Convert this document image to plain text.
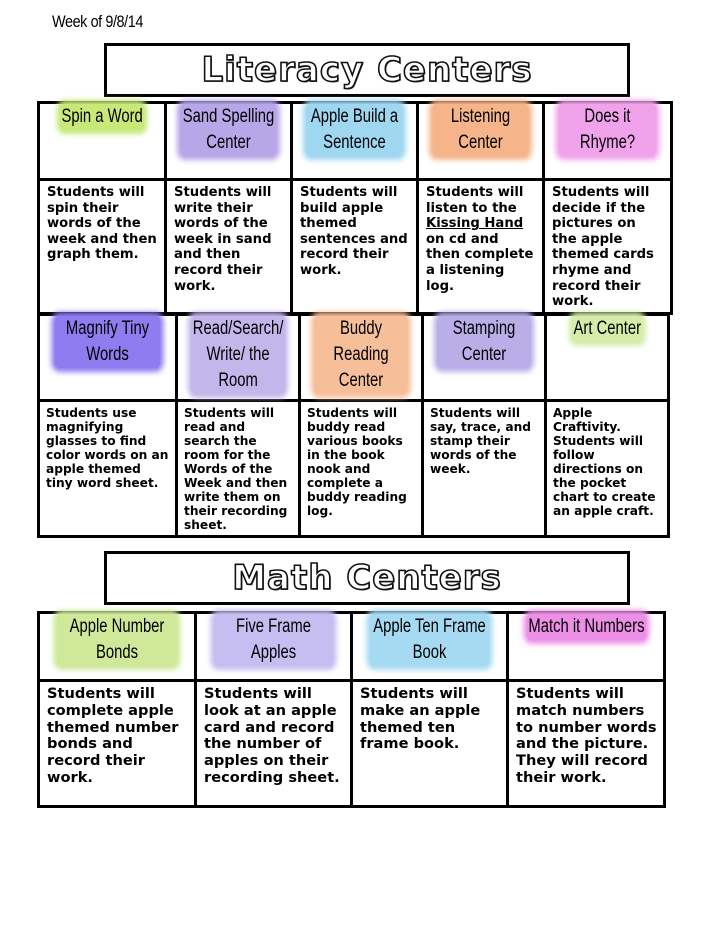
Week of 9/8/14
Literacy Centers
Spin a Word	Sand Spelling Center	Apple Build a Sentence	Listening Center	Does it Rhyme?

Students will spin their words of the week and then graph them.	Students will write their words of the week in sand and then record their work.	Students will build apple themed sentences and record their work.	Students will listen to the Kissing Hand on cd and then complete a listening log.	Students will decide if the pictures on the apple themed cards rhyme and record their work.
Magnify Tiny Words	Read/Search/ Write/ the Room	Buddy Reading Center	Stamping Center	Art Center

Students use magnifying glasses to find color words on an apple themed tiny word sheet.	Students will read and search the room for the Words of the Week and then write them on their recording sheet.	Students will buddy read various books in the book nook and complete a buddy reading log.	Students will say, trace, and stamp their words of the week.	Apple Craftivity. Students will follow directions on the pocket chart to create an apple craft.
Math Centers
Apple Number Bonds	Five Frame Apples	Apple Ten Frame Book	Match it Numbers

Students will complete apple themed number bonds and record their work.	Students will look at an apple card and record the number of apples on their recording sheet.	Students will make an apple themed ten frame book.	Students will match numbers to number words and the picture. They will record their work.
